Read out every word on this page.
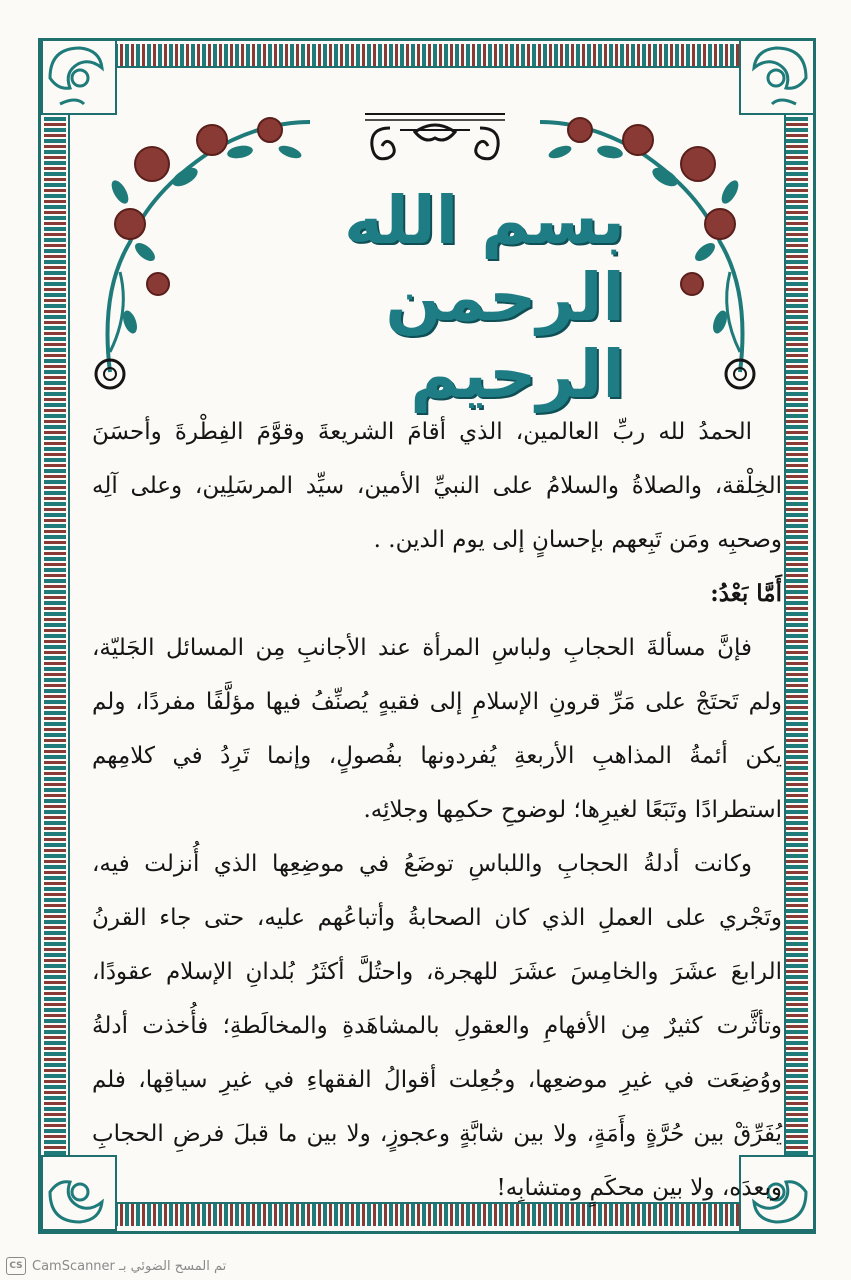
بسم الله الرحمن الرحيم

الحمدُ لله ربِّ العالمين، الذي أقامَ الشريعةَ وقوَّمَ الفِطْرةَ وأحسَنَ الخِلْقة، والصلاةُ والسلامُ على النبيِّ الأمين، سيِّد المرسَلِين، وعلى آلِه وصحبِه ومَن تَبِعهم بإحسانٍ إلى يوم الدين. .

أَمَّا بَعْدُ:

فإنَّ مسألةَ الحجابِ ولباسِ المرأة عند الأجانبِ مِن المسائل الجَليّة، ولم تَحتَجْ على مَرِّ قرونِ الإسلامِ إلى فقيهٍ يُصنِّفُ فيها مؤلَّفًا مفردًا، ولم يكن أئمةُ المذاهبِ الأربعةِ يُفردونها بفُصولٍ، وإنما تَرِدُ في كلامِهم استطرادًا وتَبَعًا لغيرِها؛ لوضوحِ حكمِها وجلائِه.

وكانت أدلةُ الحجابِ واللباسِ توضَعُ في موضِعِها الذي أُنزلت فيه، وتَجْري على العملِ الذي كان الصحابةُ وأتباعُهم عليه، حتى جاء القرنُ الرابعَ عشَرَ والخامِسَ عشَرَ للهجرة، واحتُلَّ أكثَرُ بُلدانِ الإسلام عقودًا، وتأثَّرت كثيرٌ مِن الأفهامِ والعقولِ بالمشاهَدةِ والمخالَطةِ؛ فأُخذت أدلةُ ووُضِعَت في غيرِ موضعِها، وجُعِلت أقوالُ الفقهاءِ في غيرِ سياقِها، فلم يُفَرِّقْ بين حُرَّةٍ وأَمَةٍ، ولا بين شابَّةٍ وعجوزٍ، ولا بين ما قبلَ فرضِ الحجابِ وبعدَه، ولا بين محكَمٍ ومتشابِه!

CS تم المسح الضوئي بـ CamScanner
